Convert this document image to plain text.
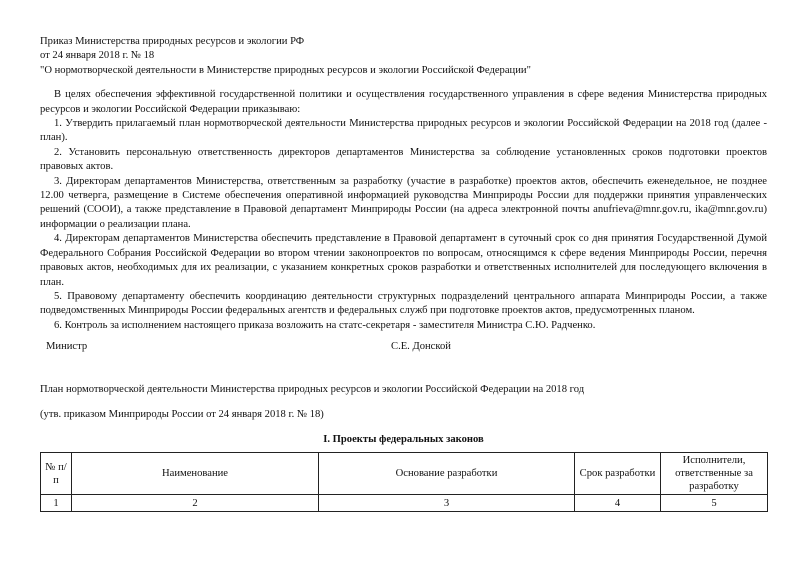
Приказ Министерства природных ресурсов и экологии РФ
от 24 января 2018 г. № 18
"О нормотворческой деятельности в Министерстве природных ресурсов и экологии Российской Федерации"

В целях обеспечения эффективной государственной политики и осуществления государственного управления в сфере ведения Министерства природных ресурсов и экологии Российской Федерации приказываю:

1. Утвердить прилагаемый план нормотворческой деятельности Министерства природных ресурсов и экологии Российской Федерации на 2018 год (далее - план).

2. Установить персональную ответственность директоров департаментов Министерства за соблюдение установленных сроков подготовки проектов правовых актов.

3. Директорам департаментов Министерства, ответственным за разработку (участие в разработке) проектов актов, обеспечить еженедельное, не позднее 12.00 четверга, размещение в Системе обеспечения оперативной информацией руководства Минприроды России для поддержки принятия управленческих решений (СООИ), а также представление в Правовой департамент Минприроды России (на адреса электронной почты anufrieva@mnr.gov.ru, ika@mnr.gov.ru) информации о реализации плана.

4. Директорам департаментов Министерства обеспечить представление в Правовой департамент в суточный срок со дня принятия Государственной Думой Федерального Собрания Российской Федерации во втором чтении законопроектов по вопросам, относящимся к сфере ведения Минприроды России, перечня правовых актов, необходимых для их реализации, с указанием конкретных сроков разработки и ответственных исполнителей для последующего включения в план.

5. Правовому департаменту обеспечить координацию деятельности структурных подразделений центрального аппарата Минприроды России, а также подведомственных Минприроды России федеральных агентств и федеральных служб при подготовке проектов актов, предусмотренных планом.

6. Контроль за исполнением настоящего приказа возложить на статс-секретаря - заместителя Министра С.Ю. Радченко.

Министр	С.Е. Донской
План нормотворческой деятельности Министерства природных ресурсов и экологии Российской Федерации на 2018 год
(утв. приказом Минприроды России от 24 января 2018 г. № 18)
I. Проекты федеральных законов
№ п/п	Наименование	Основание разработки	Срок разработки	Исполнители, ответственные за разработку
1	2	3	4	5
